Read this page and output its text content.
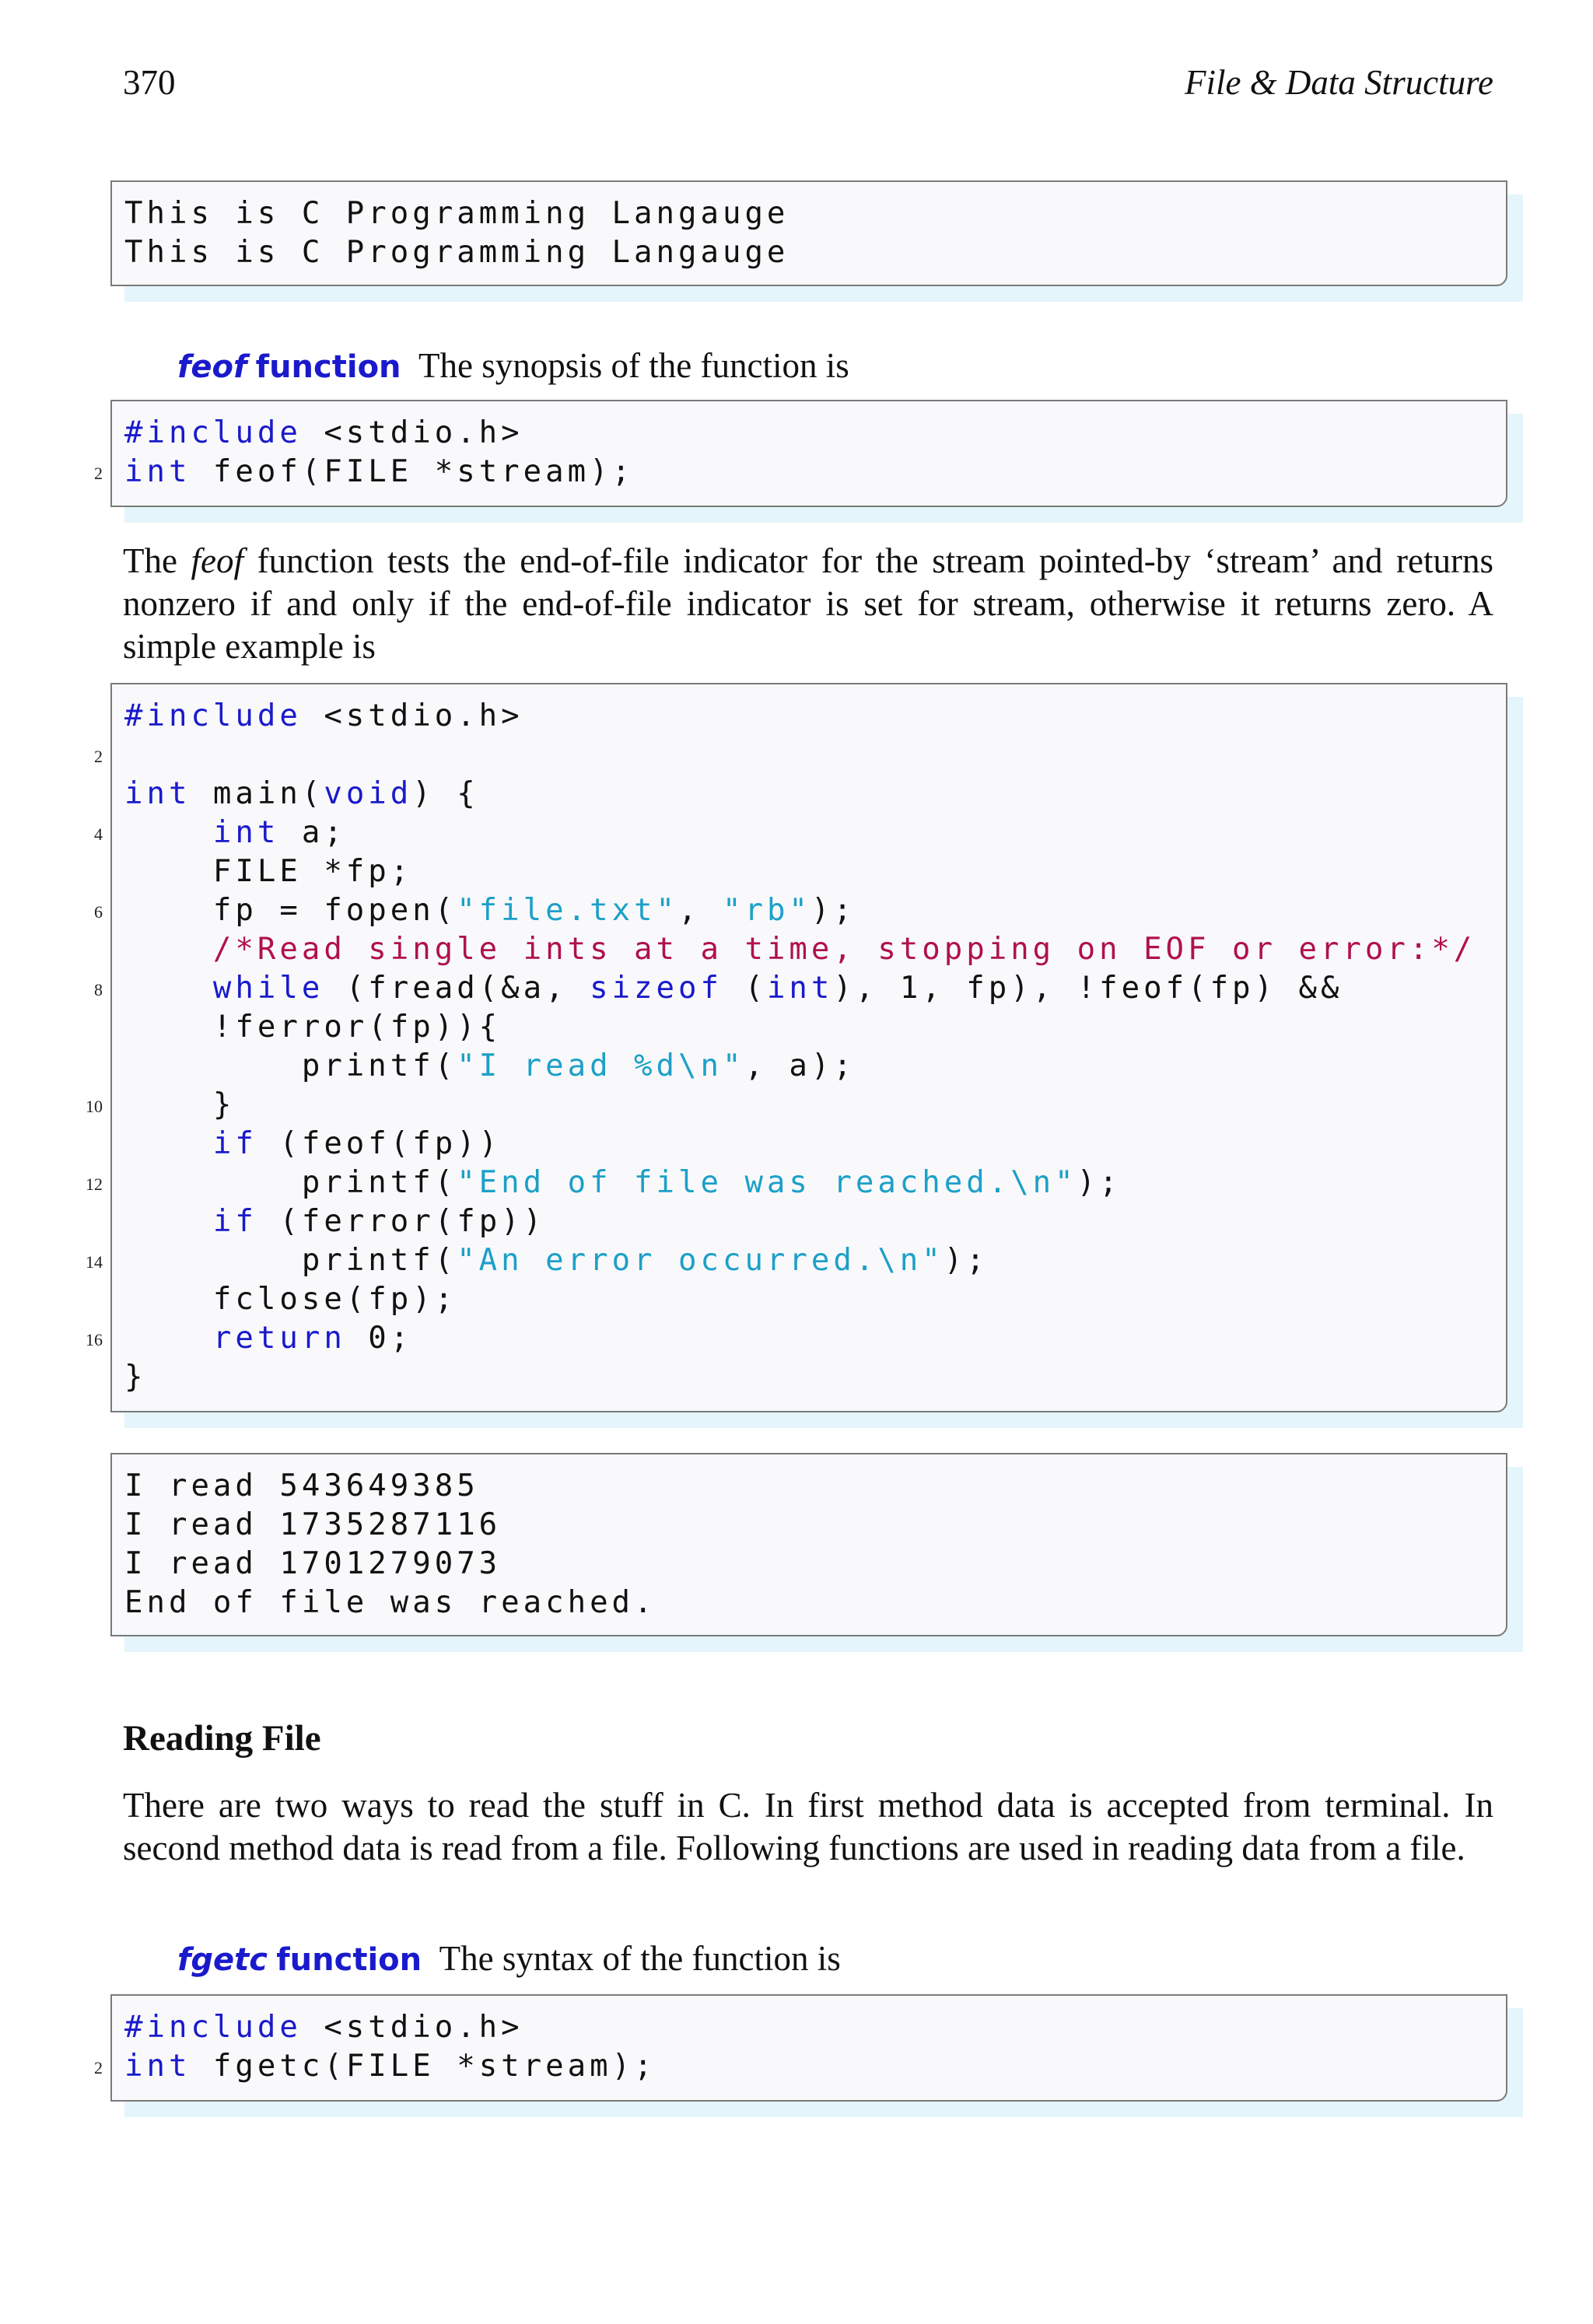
370	File & Data Structure
This is C Programming Langauge
This is C Programming Langauge
feof function The synopsis of the function is
#include <stdio.h>
2 int feof(FILE *stream);

The feof function tests the end-of-file indicator for the stream pointed-by ‘stream’ and returns nonzero if and only if the end-of-file indicator is set for stream, otherwise it returns zero. A simple example is

#include <stdio.h>
2
int main(void) {
4	int a;
FILE *fp;
6 fp = fopen("file.txt", "rb");
/*Read single ints at a time, stopping on EOF or error:*/
8	while (fread(&a, sizeof (int), 1, fp), !feof(fp) &&
!ferror(fp)){
printf("I read %d\n", a);
10 }
if (feof(fp))
12 printf("End of file was reached.\n");
if (ferror(fp))
14 printf("An error occurred.\n");
fclose(fp);
16	return 0;
}
I read 543649385
I read 1735287116
I read 1701279073
End of file was reached.
Reading File

There are two ways to read the stuff in C. In first method data is accepted from terminal. In second method data is read from a file. Following functions are used in reading data from a file.

fgetc function The syntax of the function is
#include <stdio.h>
2 int fgetc(FILE *stream);
